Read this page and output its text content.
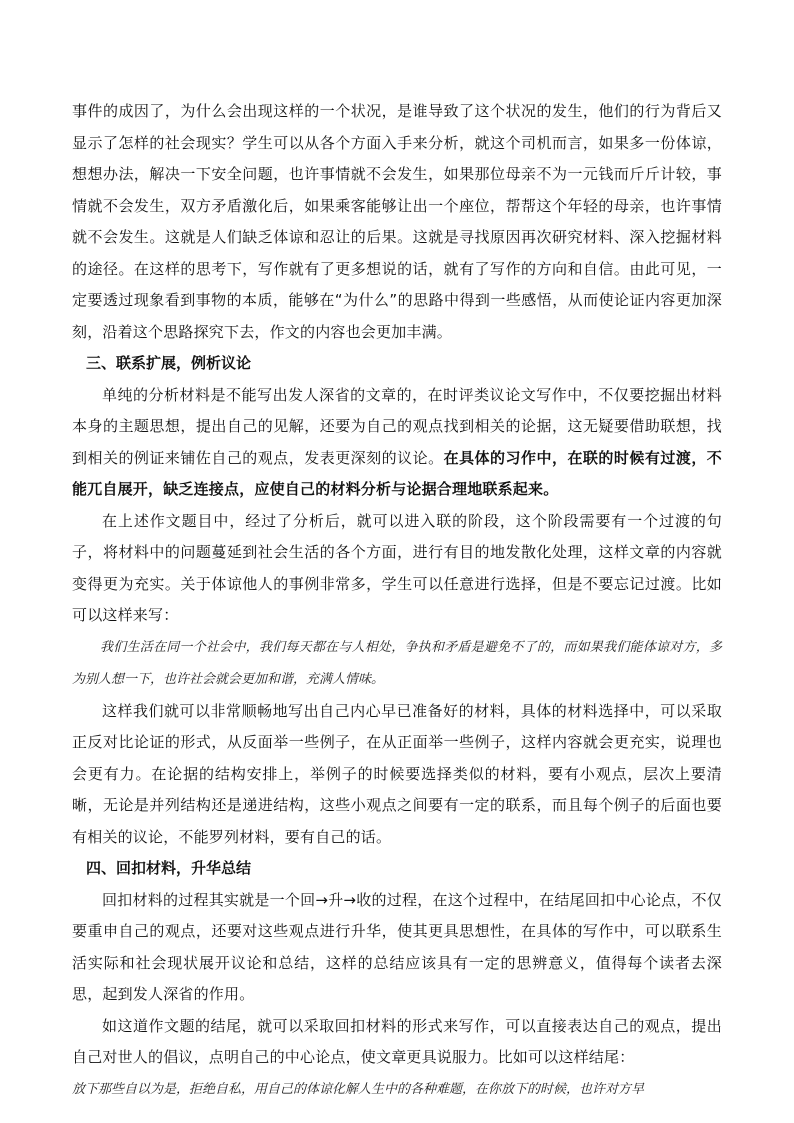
事件的成因了，为什么会出现这样的一个状况，是谁导致了这个状况的发生，他们的行为背后又显示了怎样的社会现实？学生可以从各个方面入手来分析，就这个司机而言，如果多一份体谅，想想办法，解决一下安全问题，也许事情就不会发生，如果那位母亲不为一元钱而斤斤计较，事情就不会发生，双方矛盾激化后，如果乘客能够让出一个座位，帮帮这个年轻的母亲，也许事情就不会发生。这就是人们缺乏体谅和忍让的后果。这就是寻找原因再次研究材料、深入挖掘材料的途径。在这样的思考下，写作就有了更多想说的话，就有了写作的方向和自信。由此可见，一定要透过现象看到事物的本质，能够在“为什么”的思路中得到一些感悟，从而使论证内容更加深刻，沿着这个思路探究下去，作文的内容也会更加丰满。

三、联系扩展，例析议论

单纯的分析材料是不能写出发人深省的文章的，在时评类议论文写作中，不仅要挖掘出材料本身的主题思想，提出自己的见解，还要为自己的观点找到相关的论据，这无疑要借助联想，找到相关的例证来铺佐自己的观点，发表更深刻的议论。在具体的习作中，在联的时候有过渡，不能兀自展开，缺乏连接点，应使自己的材料分析与论据合理地联系起来。

在上述作文题目中，经过了分析后，就可以进入联的阶段，这个阶段需要有一个过渡的句子，将材料中的问题蔓延到社会生活的各个方面，进行有目的地发散化处理，这样文章的内容就变得更为充实。关于体谅他人的事例非常多，学生可以任意进行选择，但是不要忘记过渡。比如可以这样来写：

我们生活在同一个社会中，我们每天都在与人相处，争执和矛盾是避免不了的，而如果我们能体谅对方，多为别人想一下，也许社会就会更加和谐，充满人情味。

这样我们就可以非常顺畅地写出自己内心早已准备好的材料，具体的材料选择中，可以采取正反对比论证的形式，从反面举一些例子，在从正面举一些例子，这样内容就会更充实，说理也会更有力。在论据的结构安排上，举例子的时候要选择类似的材料，要有小观点，层次上要清晰，无论是并列结构还是递进结构，这些小观点之间要有一定的联系，而且每个例子的后面也要有相关的议论，不能罗列材料，要有自己的话。

四、回扣材料，升华总结

回扣材料的过程其实就是一个回→升→收的过程，在这个过程中，在结尾回扣中心论点，不仅要重申自己的观点，还要对这些观点进行升华，使其更具思想性，在具体的写作中，可以联系生活实际和社会现状展开议论和总结，这样的总结应该具有一定的思辨意义，值得每个读者去深思，起到发人深省的作用。

如这道作文题的结尾，就可以采取回扣材料的形式来写作，可以直接表达自己的观点，提出自己对世人的倡议，点明自己的中心论点，使文章更具说服力。比如可以这样结尾：

放下那些自以为是，拒绝自私，用自己的体谅化解人生中的各种难题，在你放下的时候，也许对方早
